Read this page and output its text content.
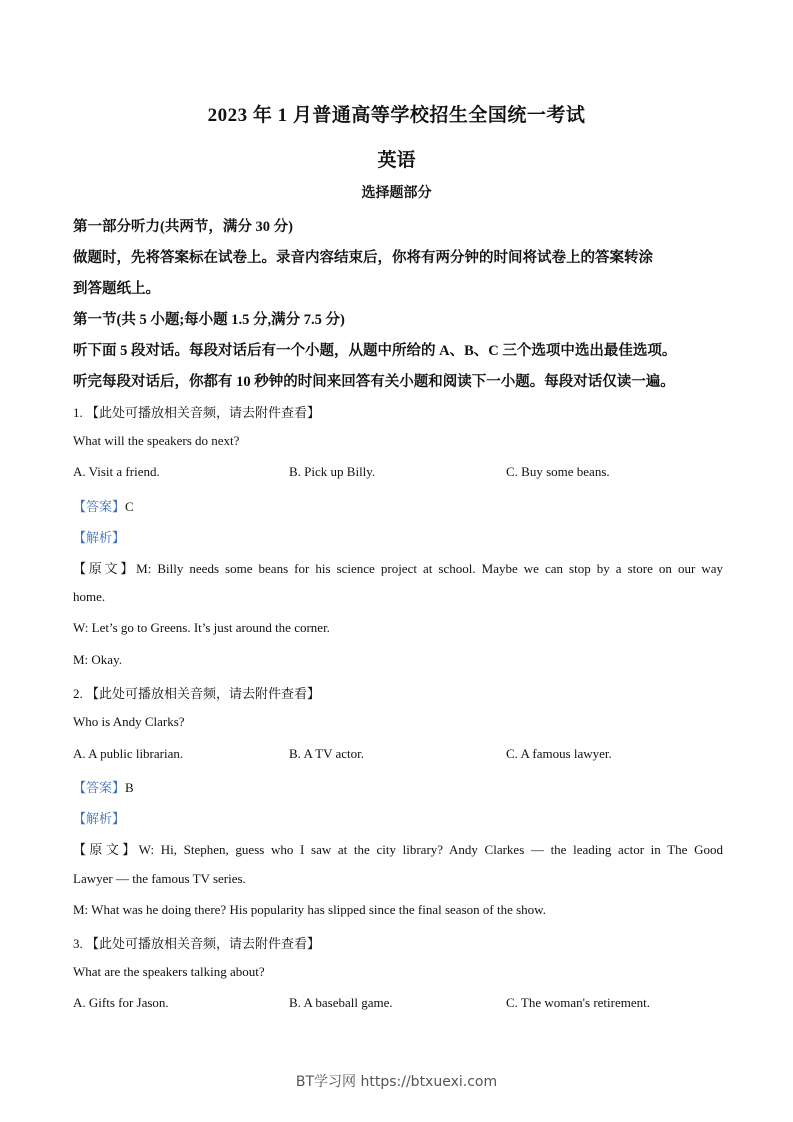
2023 年 1 月普通高等学校招生全国统一考试
英语
选择题部分
第一部分听力(共两节，满分 30 分)
做题时，先将答案标在试卷上。录音内容结束后，你将有两分钟的时间将试卷上的答案转涂
到答题纸上。
第一节(共 5 小题;每小题 1.5 分,满分 7.5 分)
听下面 5 段对话。每段对话后有一个小题，从题中所给的 A、B、C 三个选项中选出最佳选项。
听完每段对话后，你都有 10 秒钟的时间来回答有关小题和阅读下一小题。每段对话仅读一遍。
1. 【此处可播放相关音频，请去附件查看】
What will the speakers do next?
A. Visit a friend.	B. Pick up Billy.	C. Buy some beans.
【答案】C
【解析】
【原文】M: Billy needs some beans for his science project at school. Maybe we can stop by a store on our way
home.
W: Let’s go to Greens. It’s just around the corner.
M: Okay.
2. 【此处可播放相关音频，请去附件查看】
Who is Andy Clarks?
A. A public librarian.	B. A TV actor.	C. A famous lawyer.
【答案】B
【解析】
【原文】W: Hi, Stephen, guess who I saw at the city library? Andy Clarkes — the leading actor in The Good
Lawyer — the famous TV series.
M: What was he doing there? His popularity has slipped since the final season of the show.
3. 【此处可播放相关音频，请去附件查看】
What are the speakers talking about?
A. Gifts for Jason.	B. A baseball game.	C. The woman's retirement.
BT学习网 https://btxuexi.com
